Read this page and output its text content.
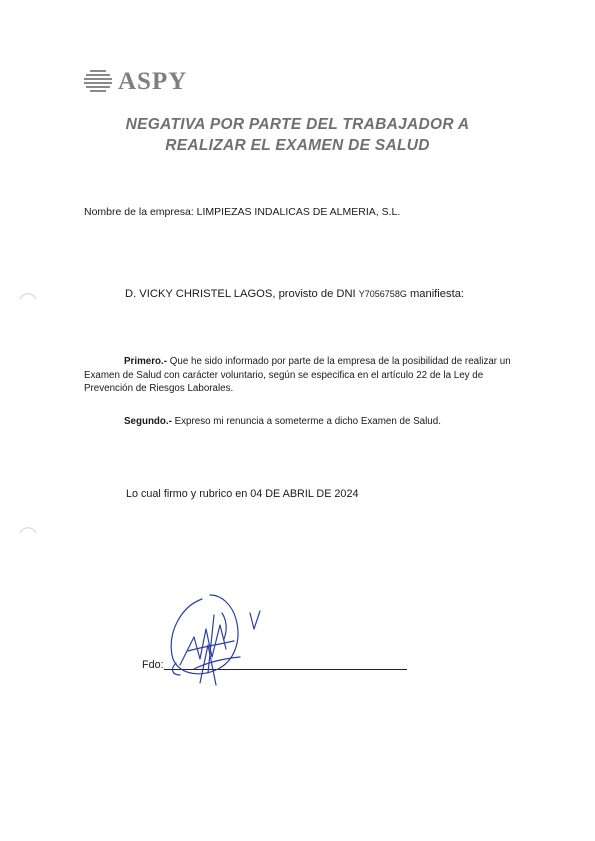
ASPY
NEGATIVA POR PARTE DEL TRABAJADOR A
REALIZAR EL EXAMEN DE SALUD
Nombre de la empresa: LIMPIEZAS INDALICAS DE ALMERIA, S.L.
D. VICKY CHRISTEL LAGOS, provisto de DNI Y7056758G manifiesta:
Primero.- Que he sido informado por parte de la empresa de la posibilidad de realizar un Examen de Salud con carácter voluntario, según se especifica en el artículo 22 de la Ley de Prevención de Riesgos Laborales.
Segundo.- Expreso mi renuncia a someterme a dicho Examen de Salud.
Lo cual firmo y rubrico en 04 DE ABRIL DE 2024
Fdo:
